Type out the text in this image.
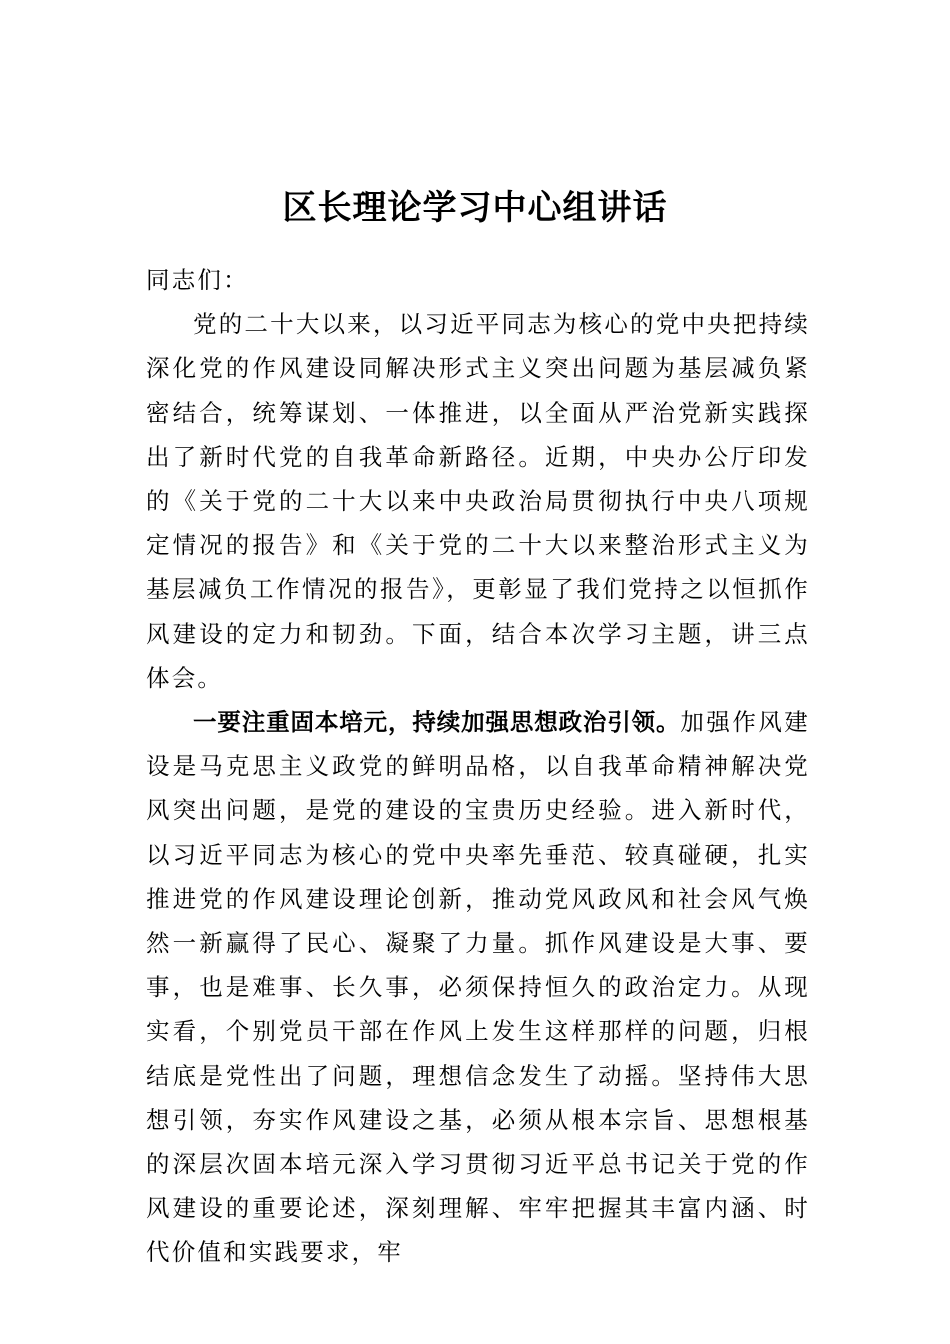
区长理论学习中心组讲话

同志们：

党的二十大以来，以习近平同志为核心的党中央把持续深化党的作风建设同解决形式主义突出问题为基层减负紧密结合，统筹谋划、一体推进，以全面从严治党新实践探出了新时代党的自我革命新路径。近期，中央办公厅印发的《关于党的二十大以来中央政治局贯彻执行中央八项规定情况的报告》和《关于党的二十大以来整治形式主义为基层减负工作情况的报告》，更彰显了我们党持之以恒抓作风建设的定力和韧劲。下面，结合本次学习主题，讲三点体会。

一要注重固本培元，持续加强思想政治引领。加强作风建设是马克思主义政党的鲜明品格，以自我革命精神解决党风突出问题，是党的建设的宝贵历史经验。进入新时代，以习近平同志为核心的党中央率先垂范、较真碰硬，扎实推进党的作风建设理论创新，推动党风政风和社会风气焕然一新赢得了民心、凝聚了力量。抓作风建设是大事、要事，也是难事、长久事，必须保持恒久的政治定力。从现实看，个别党员干部在作风上发生这样那样的问题，归根结底是党性出了问题，理想信念发生了动摇。坚持伟大思想引领，夯实作风建设之基，必须从根本宗旨、思想根基的深层次固本培元深入学习贯彻习近平总书记关于党的作风建设的重要论述，深刻理解、牢牢把握其丰富内涵、时代价值和实践要求，牢
